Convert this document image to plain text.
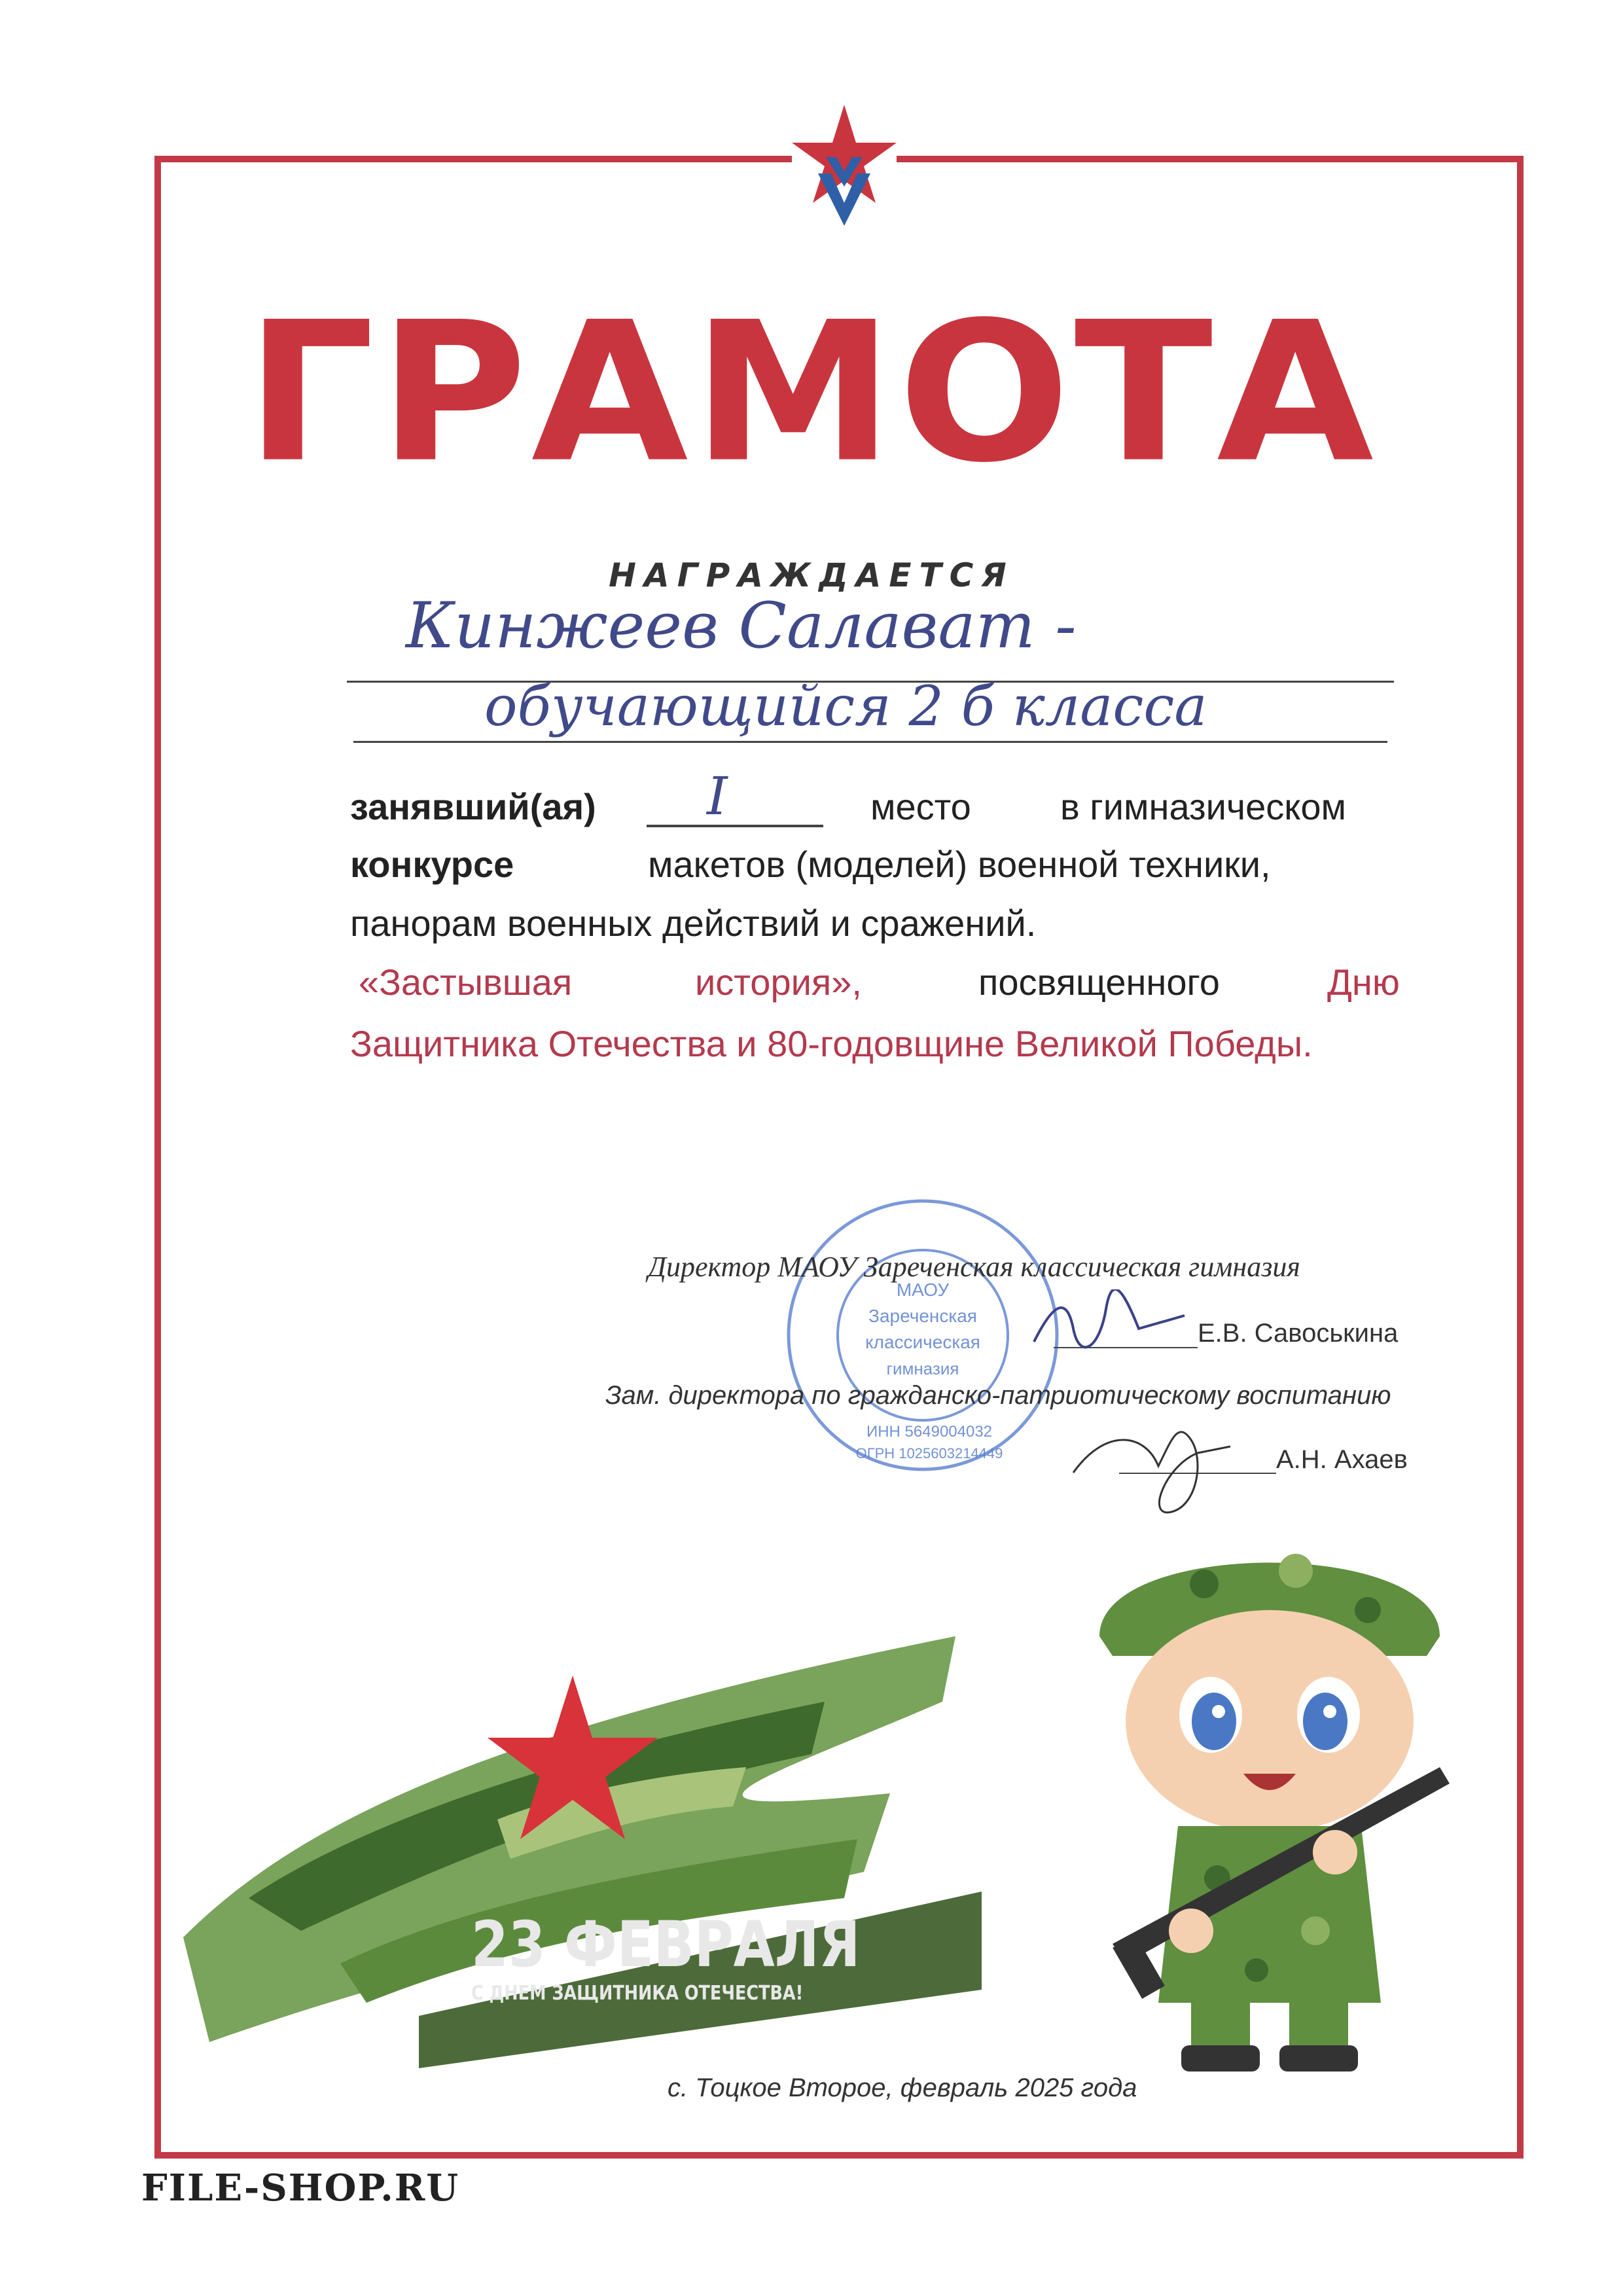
ГРАМОТА
НАГРАЖДАЕТСЯ
Кинжеев Салават -
обучающийся 2 б класса
занявший(ая) I	место в гимназическом
конкурсе	макетов (моделей) военной техники,
панорам военных действий и сражений.
«Застывшая	история»,	посвященного	Дню
Защитника Отечества и 80-годовщине Великой Победы.
МАОУ
Зареченская
классическая
гимназия
ИНН 5649004032
ОГРН 1025603214449
Директор МАОУ Зареченская классическая гимназия
Е.В. Савоськина
Зам. директора по гражданско-патриотическому воспитанию
А.Н. Ахаев
23 ФЕВРАЛЯ
С ДНЕМ ЗАЩИТНИКА ОТЕЧЕСТВА!
с. Тоцкое Второе, февраль 2025 года
FILE-SHOP.RU
